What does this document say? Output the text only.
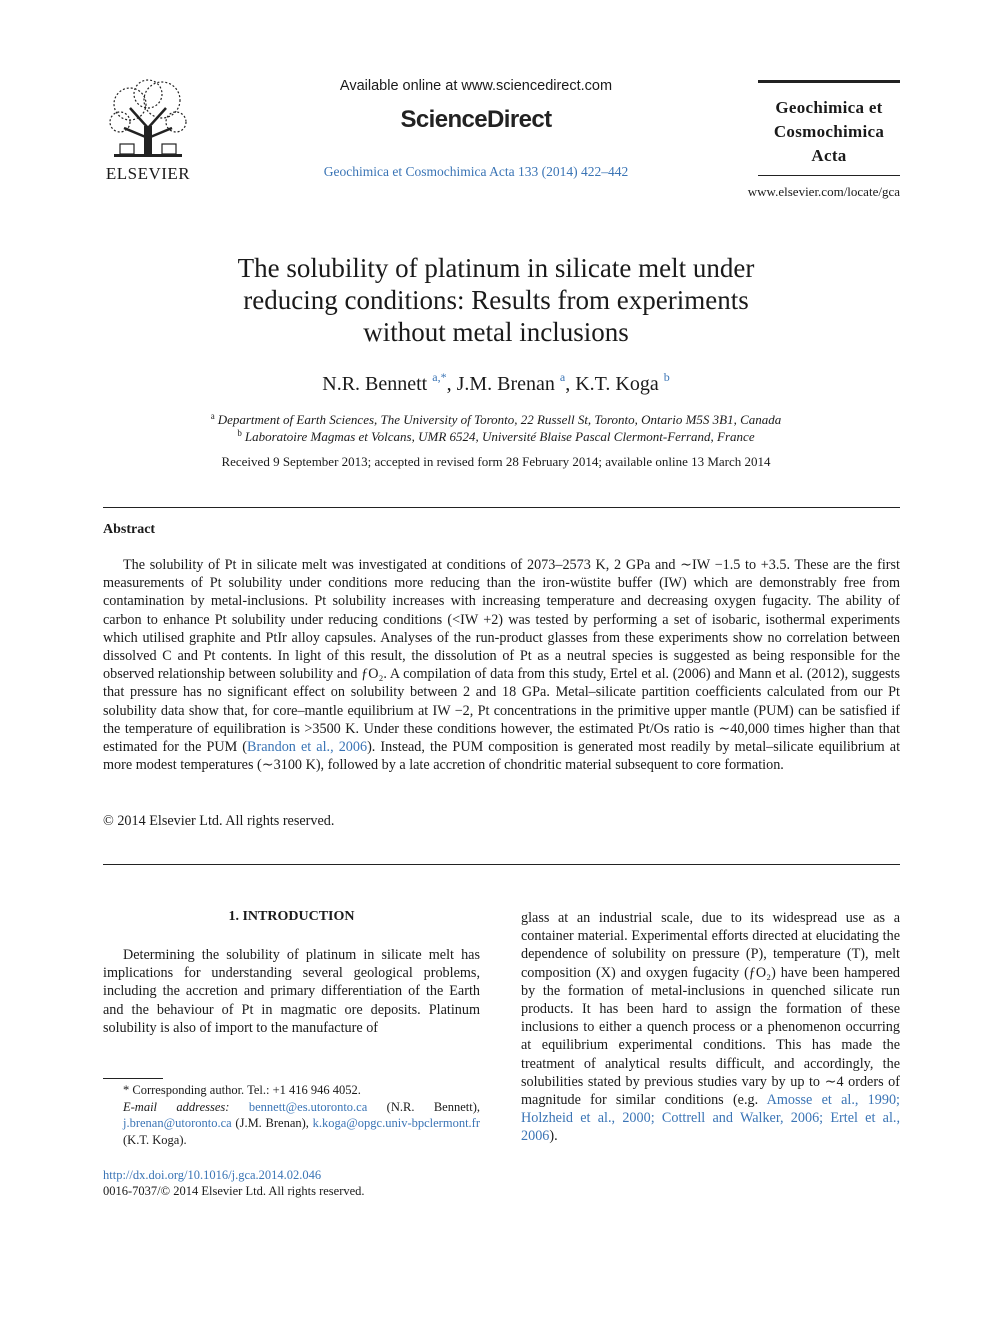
ELSEVIER
Available online at www.sciencedirect.com
ScienceDirect
Geochimica et Cosmochimica Acta 133 (2014) 422–442
Geochimica et
Cosmochimica
Acta
www.elsevier.com/locate/gca
The solubility of platinum in silicate melt under
reducing conditions: Results from experiments
without metal inclusions
N.R. Bennett $^{a,*}$, J.M. Brenan $^a$, K.T. Koga $^b$
$^a$ Department of Earth Sciences, The University of Toronto, 22 Russell St, Toronto, Ontario M5S 3B1, Canada
$^b$ Laboratoire Magmas et Volcans, UMR 6524, Université Blaise Pascal Clermont-Ferrand, France
Received 9 September 2013; accepted in revised form 28 February 2014; available online 13 March 2014
Abstract
The solubility of Pt in silicate melt was investigated at conditions of 2073–2573 K, 2 GPa and ∼IW −1.5 to +3.5. These are the first measurements of Pt solubility under conditions more reducing than the iron-wüstite buffer (IW) which are demonstrably free from contamination by metal-inclusions. Pt solubility increases with increasing temperature and decreasing oxygen fugacity. The ability of carbon to enhance Pt solubility under reducing conditions (<IW +2) was tested by performing a set of isobaric, isothermal experiments which utilised graphite and PtIr alloy capsules. Analyses of the run-product glasses from these experiments show no correlation between dissolved C and Pt contents. In light of this result, the dissolution of Pt as a neutral species is suggested as being responsible for the observed relationship between solubility and ƒO₂. A compilation of data from this study, Ertel et al. (2006) and Mann et al. (2012), suggests that pressure has no significant effect on solubility between 2 and 18 GPa. Metal–silicate partition coefficients calculated from our Pt solubility data show that, for core–mantle equilibrium at IW −2, Pt concentrations in the primitive upper mantle (PUM) can be satisfied if the temperature of equilibration is >3500 K. Under these conditions however, the estimated Pt/Os ratio is ∼40,000 times higher than that estimated for the PUM (Brandon et al., 2006). Instead, the PUM composition is generated most readily by metal–silicate equilibrium at more modest temperatures (∼3100 K), followed by a late accretion of chondritic material subsequent to core formation.
© 2014 Elsevier Ltd. All rights reserved.
1. INTRODUCTION
Determining the solubility of platinum in silicate melt has implications for understanding several geological problems, including the accretion and primary differentiation of the Earth and the behaviour of Pt in magmatic ore deposits. Platinum solubility is also of import to the manufacture of
* Corresponding author. Tel.: +1 416 946 4052.
E-mail addresses: bennett@es.utoronto.ca (N.R. Bennett), j.brenan@utoronto.ca (J.M. Brenan), k.koga@opgc.univ-bpclermont.fr (K.T. Koga).
http://dx.doi.org/10.1016/j.gca.2014.02.046
0016-7037/© 2014 Elsevier Ltd. All rights reserved.
glass at an industrial scale, due to its widespread use as a container material. Experimental efforts directed at elucidating the dependence of solubility on pressure (P), temperature (T), melt composition (X) and oxygen fugacity (ƒO₂) have been hampered by the formation of metal-inclusions in quenched silicate run products. It has been hard to assign the formation of these inclusions to either a quench process or a phenomenon occurring at equilibrium experimental conditions. This has made the treatment of analytical results difficult, and accordingly, the solubilities stated by previous studies vary by up to ∼4 orders of magnitude for similar conditions (e.g. Amosse et al., 1990; Holzheid et al., 2000; Cottrell and Walker, 2006; Ertel et al., 2006).
